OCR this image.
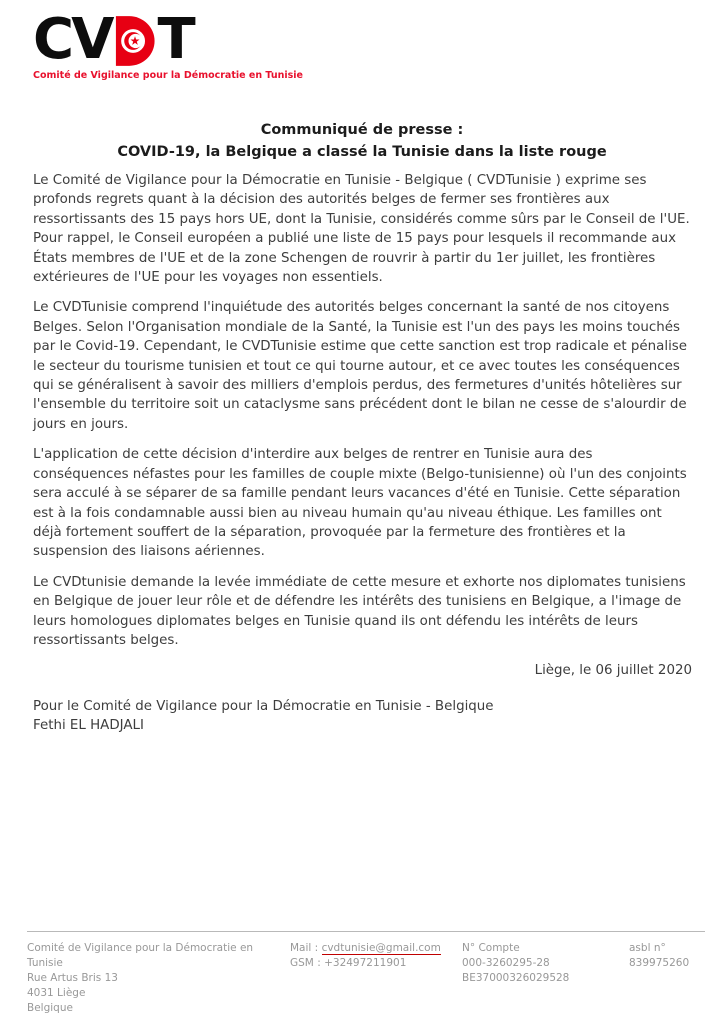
CV T
Comité de Vigilance pour la Démocratie en Tunisie
Communiqué de presse :
COVID-19, la Belgique a classé la Tunisie dans la liste rouge

Le Comité de Vigilance pour la Démocratie en Tunisie - Belgique ( CVDTunisie ) exprime ses profonds regrets quant à la décision des autorités belges de fermer ses frontières aux ressortissants des 15 pays hors UE, dont la Tunisie, considérés comme sûrs par le Conseil de l'UE. Pour rappel, le Conseil européen a publié une liste de 15 pays pour lesquels il recommande aux États membres de l'UE et de la zone Schengen de rouvrir à partir du 1er juillet, les frontières extérieures de l'UE pour les voyages non essentiels.

Le CVDTunisie comprend l'inquiétude des autorités belges concernant la santé de nos citoyens Belges. Selon l'Organisation mondiale de la Santé, la Tunisie est l'un des pays les moins touchés par le Covid-19. Cependant, le CVDTunisie estime que cette sanction est trop radicale et pénalise le secteur du tourisme tunisien et tout ce qui tourne autour, et ce avec toutes les conséquences qui se généralisent à savoir des milliers d'emplois perdus, des fermetures d'unités hôtelières sur l'ensemble du territoire soit un cataclysme sans précédent dont le bilan ne cesse de s'alourdir de jours en jours.

L'application de cette décision d'interdire aux belges de rentrer en Tunisie aura des conséquences néfastes pour les familles de couple mixte (Belgo-tunisienne) où l'un des conjoints sera acculé à se séparer de sa famille pendant leurs vacances d'été en Tunisie. Cette séparation est à la fois condamnable aussi bien au niveau humain qu'au niveau éthique. Les familles ont déjà fortement souffert de la séparation, provoquée par la fermeture des frontières et la suspension des liaisons aériennes.

Le CVDtunisie demande la levée immédiate de cette mesure et exhorte nos diplomates tunisiens en Belgique de jouer leur rôle et de défendre les intérêts des tunisiens en Belgique, a l'image de leurs homologues diplomates belges en Tunisie quand ils ont défendu les intérêts de leurs ressortissants belges.

Liège, le 06 juillet 2020
Pour le Comité de Vigilance pour la Démocratie en Tunisie - Belgique
Fethi EL HADJALI
Comité de Vigilance pour la Démocratie en Tunisie
Rue Artus Bris 13
4031 Liège
Belgique
Mail : cvdtunisie@gmail.com
GSM : +32497211901
N° Compte
000-3260295-28
BE37000326029528
asbl n°
839975260
